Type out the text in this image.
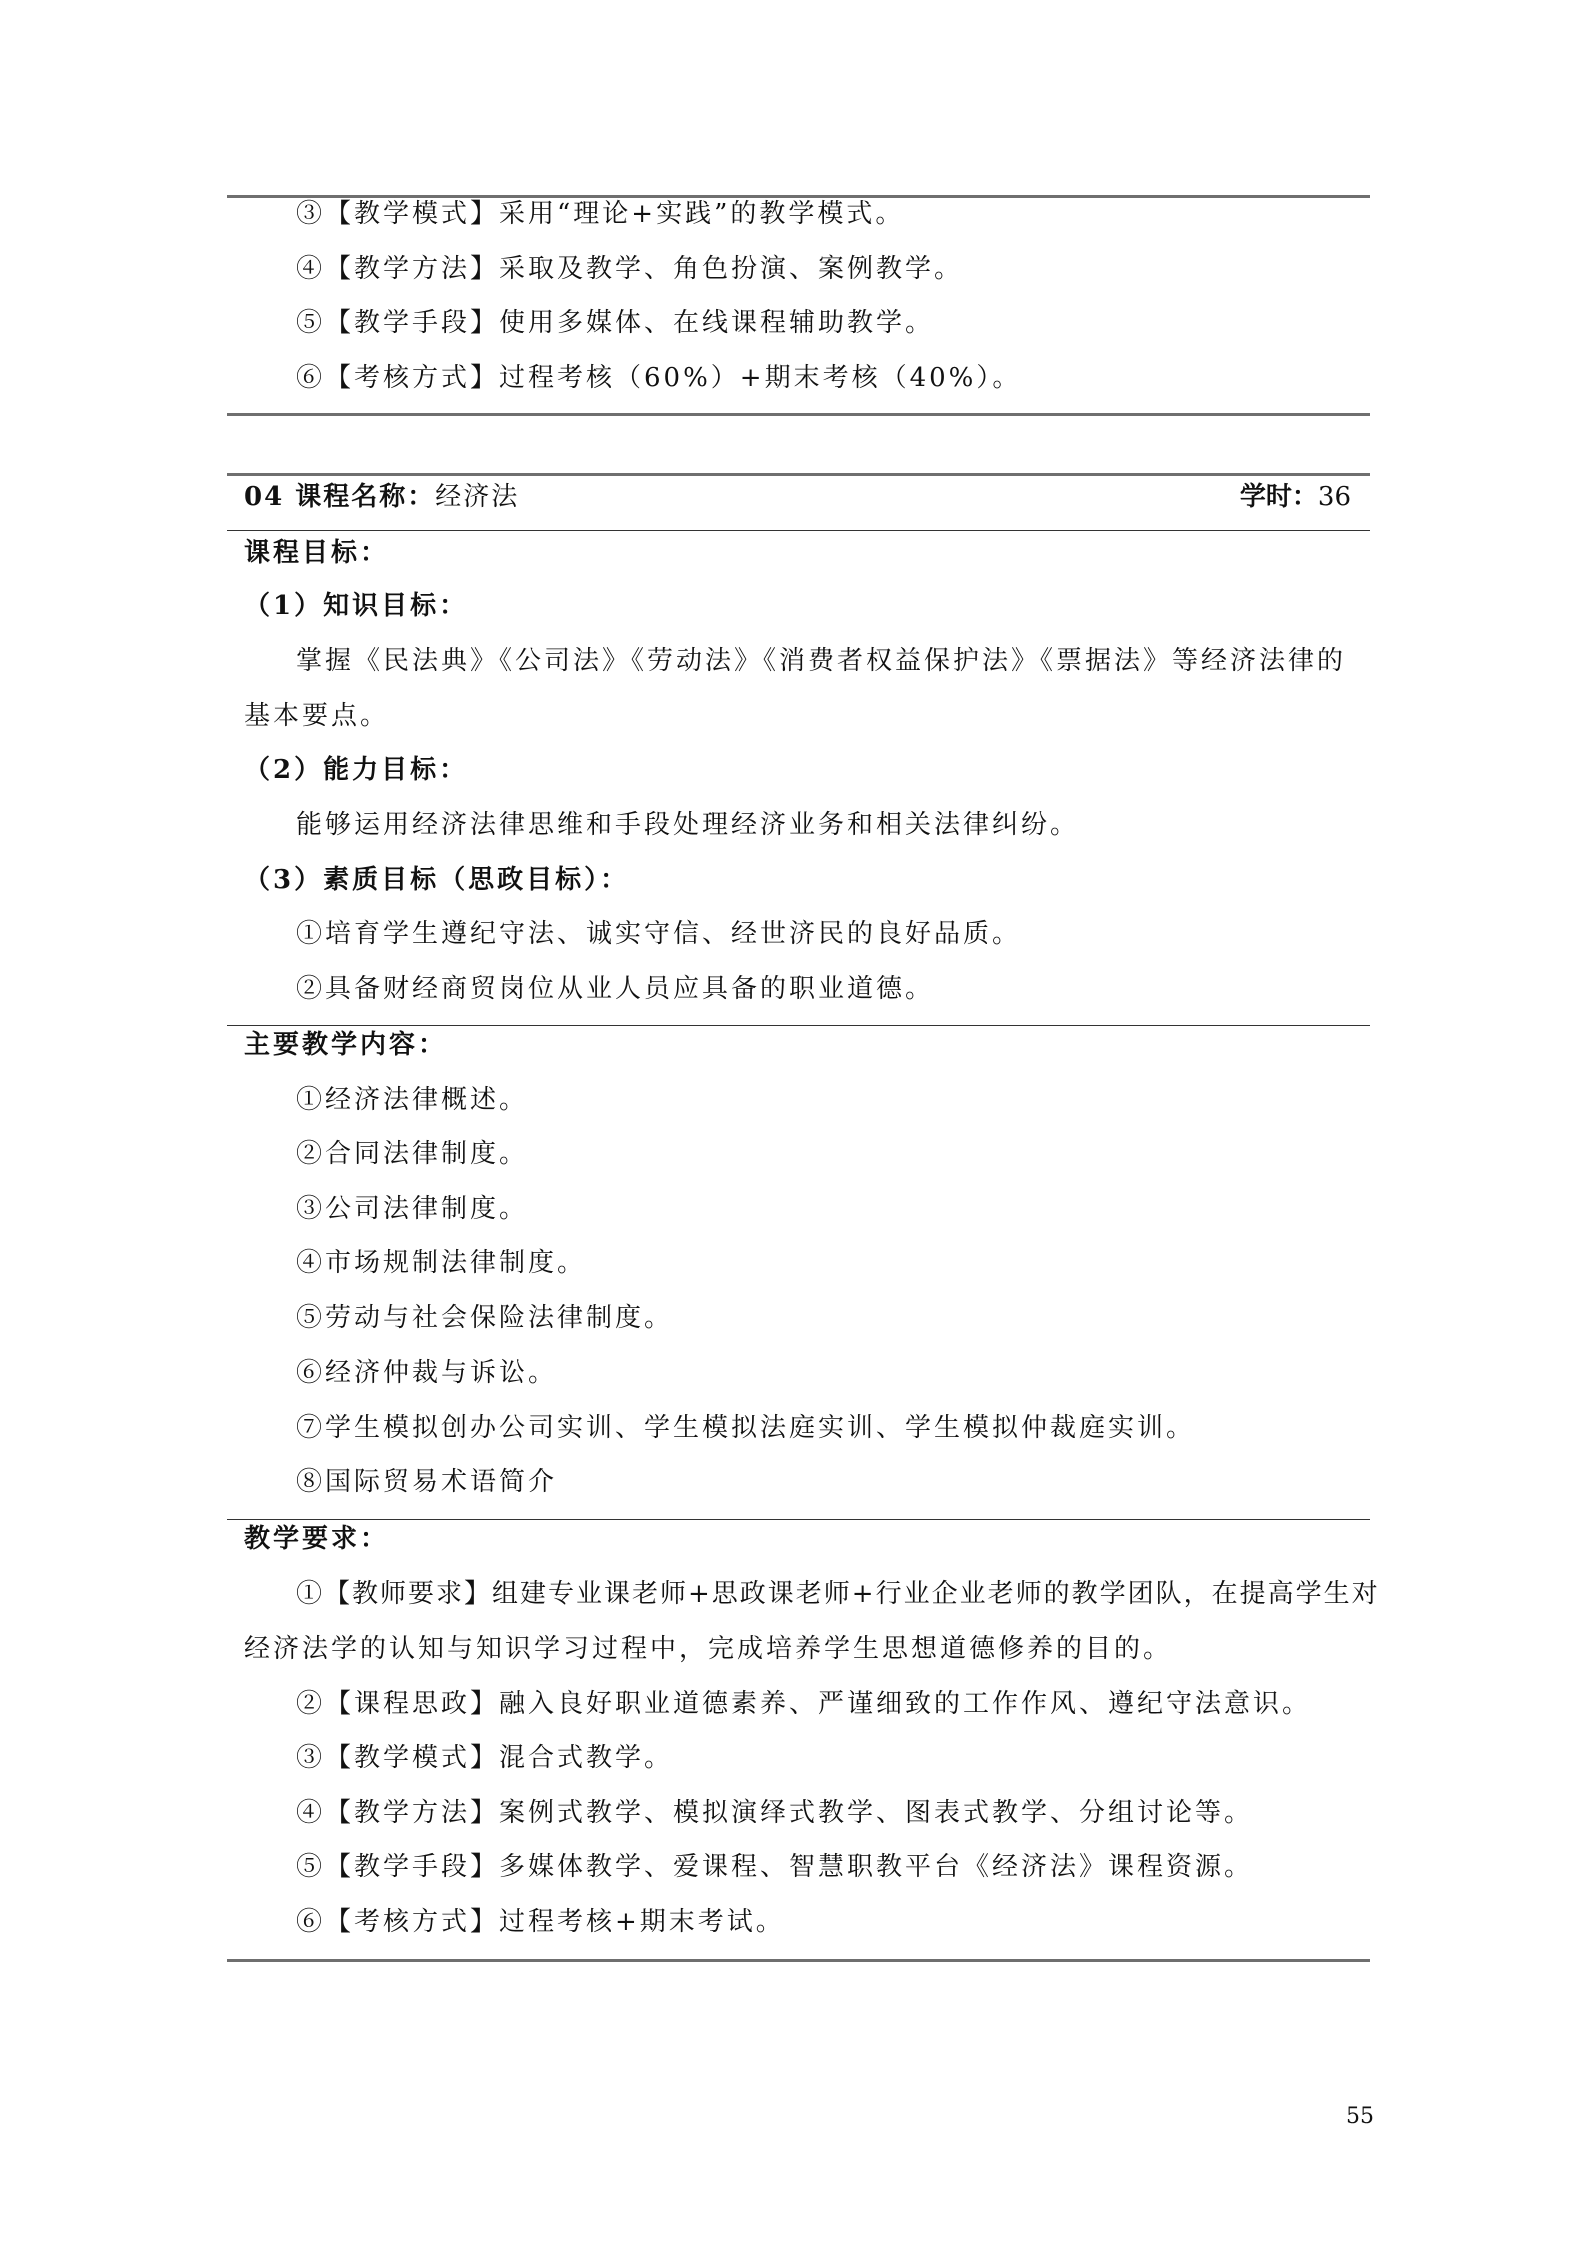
③【教学模式】采用“理论+实践”的教学模式。
④【教学方法】采取及教学、角色扮演、案例教学。
⑤【教学手段】使用多媒体、在线课程辅助教学。
⑥【考核方式】过程考核（60%）+期末考核（40%）。
04 课程名称：经济法	学时：36
课程目标：
（1）知识目标：
掌握《民法典》《公司法》《劳动法》《消费者权益保护法》《票据法》等经济法律的
基本要点。
（2）能力目标：
能够运用经济法律思维和手段处理经济业务和相关法律纠纷。
（3）素质目标（思政目标）：
①培育学生遵纪守法、诚实守信、经世济民的良好品质。
②具备财经商贸岗位从业人员应具备的职业道德。
主要教学内容：
①经济法律概述。
②合同法律制度。
③公司法律制度。
④市场规制法律制度。
⑤劳动与社会保险法律制度。
⑥经济仲裁与诉讼。
⑦学生模拟创办公司实训、学生模拟法庭实训、学生模拟仲裁庭实训。
⑧国际贸易术语简介
教学要求：
①【教师要求】组建专业课老师+思政课老师+行业企业老师的教学团队，在提高学生对
经济法学的认知与知识学习过程中，完成培养学生思想道德修养的目的。
②【课程思政】融入良好职业道德素养、严谨细致的工作作风、遵纪守法意识。
③【教学模式】混合式教学。
④【教学方法】案例式教学、模拟演绎式教学、图表式教学、分组讨论等。
⑤【教学手段】多媒体教学、爱课程、智慧职教平台《经济法》课程资源。
⑥【考核方式】过程考核+期末考试。
55
